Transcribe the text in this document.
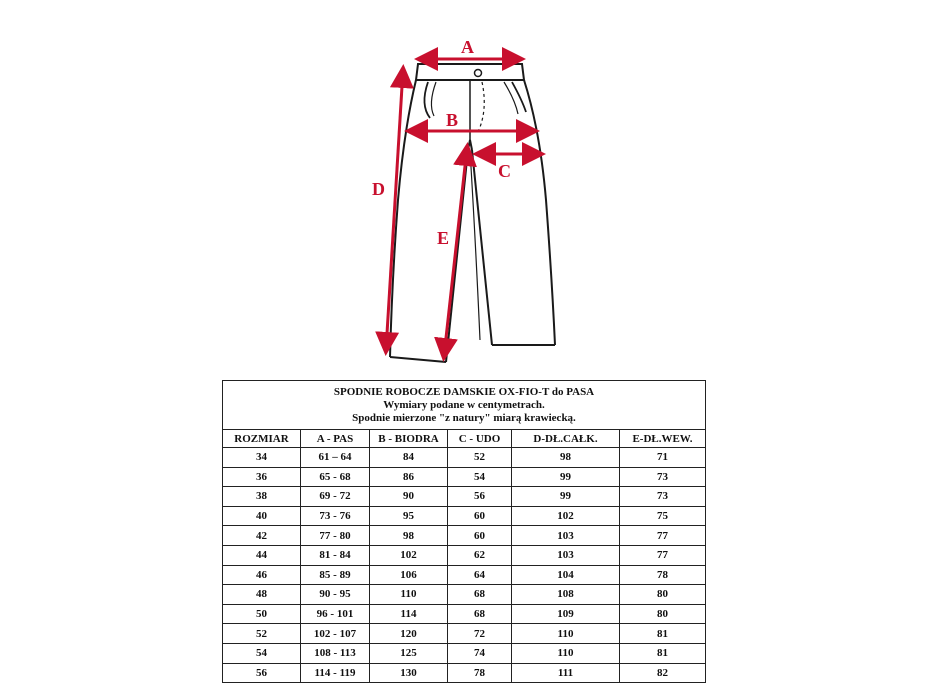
A
B
C
D
E
SPODNIE ROBOCZE DAMSKIE OX-FIO-T do PASA
Wymiary podane w centymetrach.
Spodnie mierzone "z natury" miarą krawiecką.					

ROZMIAR	A - PAS	B - BIODRA	C - UDO	D-DŁ.CAŁK.	E-DŁ.WEW.
34	61 – 64	84	52	98	71
36	65 - 68	86	54	99	73
38	69 - 72	90	56	99	73
40	73 - 76	95	60	102	75
42	77 - 80	98	60	103	77
44	81 - 84	102	62	103	77
46	85 - 89	106	64	104	78
48	90 - 95	110	68	108	80
50	96 - 101	114	68	109	80
52	102 - 107	120	72	110	81
54	108 - 113	125	74	110	81
56	114 - 119	130	78	111	82
